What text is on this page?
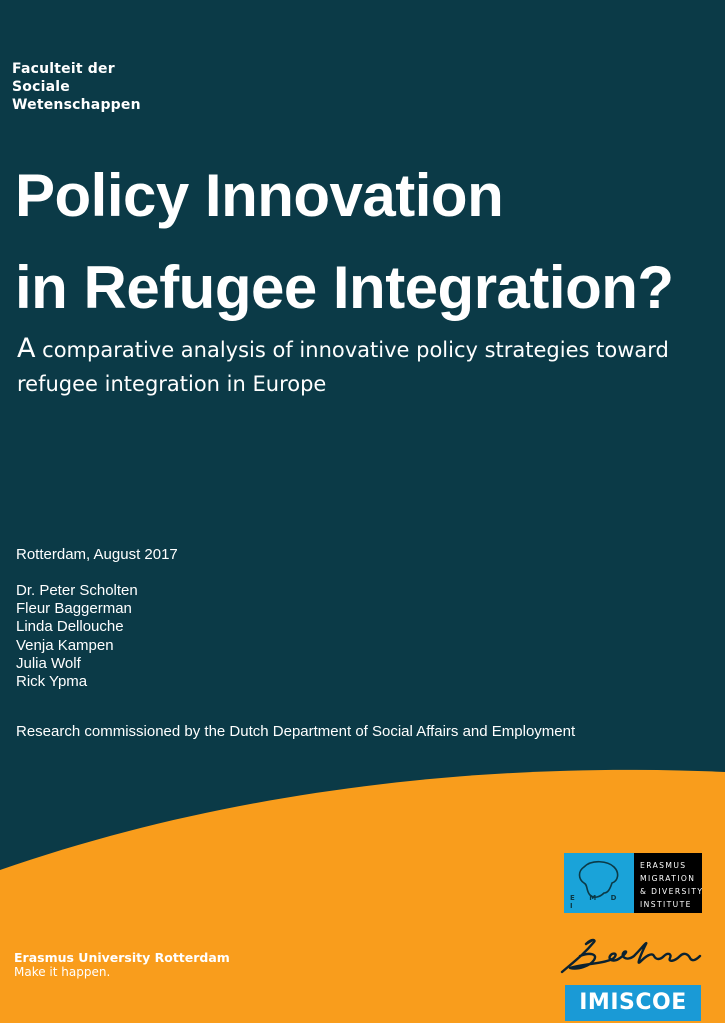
Faculteit der
Sociale
Wetenschappen
Policy Innovation
in Refugee Integration?
A comparative analysis of innovative policy strategies toward refugee integration in Europe
Rotterdam, August 2017
Dr. Peter Scholten
Fleur Baggerman
Linda Dellouche
Venja Kampen
Julia Wolf
Rick Ypma
Research commissioned by the Dutch Department of Social Affairs and Employment
Erasmus University Rotterdam
Make it happen.
E M D I
ERASMUS
MIGRATION
& DIVERSITY
INSTITUTE
IMISCOE
